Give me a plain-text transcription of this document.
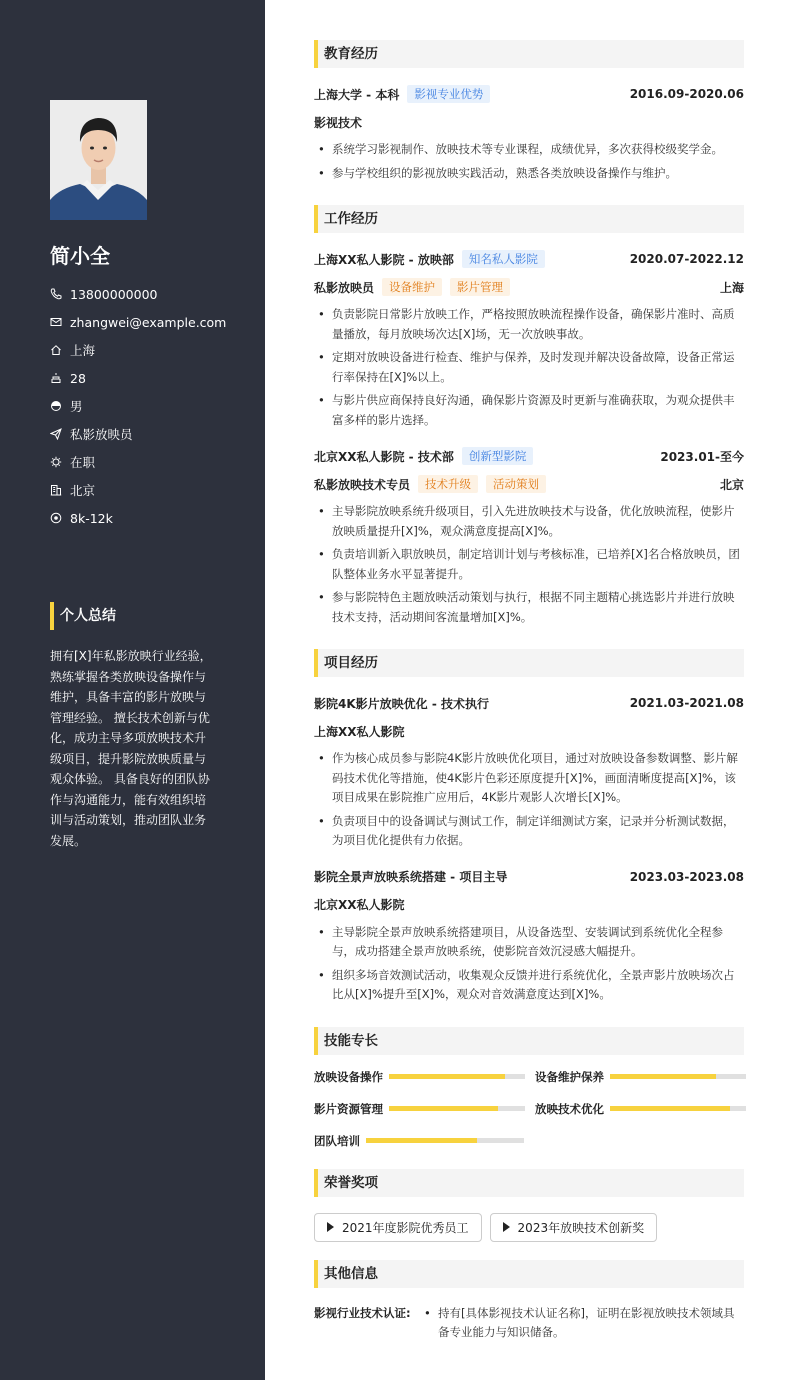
简小全
13800000000
zhangwei@example.com
上海
28
男
私影放映员
在职
北京
8k-12k
个人总结
拥有[X]年私影放映行业经验，熟练掌握各类放映设备操作与维护，具备丰富的影片放映与管理经验。 擅长技术创新与优化，成功主导多项放映技术升级项目，提升影院放映质量与观众体验。 具备良好的团队协作与沟通能力，能有效组织培训与活动策划，推动团队业务发展。
教育经历
上海大学 - 本科	影视专业优势	2016.09-2020.06
影视技术
• 系统学习影视制作、放映技术等专业课程，成绩优异，多次获得校级奖学金。
• 参与学校组织的影视放映实践活动，熟悉各类放映设备操作与维护。
工作经历
上海XX私人影院 - 放映部	知名私人影院	2020.07-2022.12
私影放映员	设备维护	影片管理	上海
• 负责影院日常影片放映工作，严格按照放映流程操作设备，确保影片准时、高质量播放，每月放映场次达[X]场，无一次放映事故。
• 定期对放映设备进行检查、维护与保养，及时发现并解决设备故障，设备正常运行率保持在[X]%以上。
• 与影片供应商保持良好沟通，确保影片资源及时更新与准确获取，为观众提供丰富多样的影片选择。
北京XX私人影院 - 技术部	创新型影院	2023.01-至今
私影放映技术专员	技术升级	活动策划	北京
• 主导影院放映系统升级项目，引入先进放映技术与设备，优化放映流程，使影片放映质量提升[X]%，观众满意度提高[X]%。
• 负责培训新入职放映员，制定培训计划与考核标准，已培养[X]名合格放映员，团队整体业务水平显著提升。
• 参与影院特色主题放映活动策划与执行，根据不同主题精心挑选影片并进行放映技术支持，活动期间客流量增加[X]%。
项目经历
影院4K影片放映优化 - 技术执行	2021.03-2021.08
上海XX私人影院
• 作为核心成员参与影院4K影片放映优化项目，通过对放映设备参数调整、影片解码技术优化等措施，使4K影片色彩还原度提升[X]%，画面清晰度提高[X]%，该项目成果在影院推广应用后，4K影片观影人次增长[X]%。
• 负责项目中的设备调试与测试工作，制定详细测试方案，记录并分析测试数据，为项目优化提供有力依据。
影院全景声放映系统搭建 - 项目主导	2023.03-2023.08
北京XX私人影院
• 主导影院全景声放映系统搭建项目，从设备选型、安装调试到系统优化全程参与，成功搭建全景声放映系统，使影院音效沉浸感大幅提升。
• 组织多场音效测试活动，收集观众反馈并进行系统优化，全景声影片放映场次占比从[X]%提升至[X]%，观众对音效满意度达到[X]%。
技能专长
放映设备操作	设备维护保养
影片资源管理	放映技术优化
团队培训
荣誉奖项
2021年度影院优秀员工	2023年放映技术创新奖
其他信息
影视行业技术认证:
•	持有[具体影视技术认证名称]，证明在影视放映技术领域具备专业能力与知识储备。
